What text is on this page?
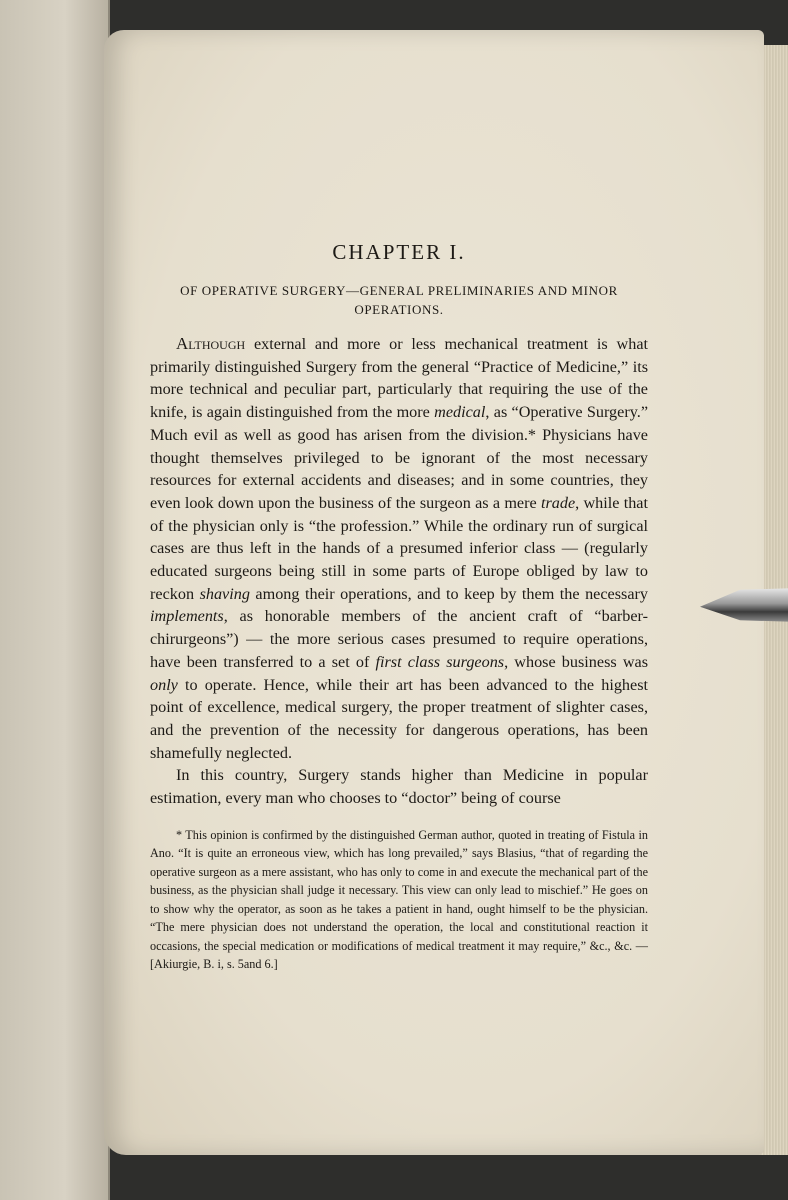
CHAPTER I.
OF OPERATIVE SURGERY—GENERAL PRELIMINARIES AND MINOR OPERATIONS.

Although external and more or less mechanical treatment is what primarily distinguished Surgery from the general “Practice of Medicine,” its more technical and peculiar part, particularly that requiring the use of the knife, is again distinguished from the more medical, as “Operative Surgery.” Much evil as well as good has arisen from the division.* Physicians have thought themselves privileged to be ignorant of the most necessary resources for external accidents and diseases; and in some countries, they even look down upon the business of the surgeon as a mere trade, while that of the physician only is “the profession.” While the ordinary run of surgical cases are thus left in the hands of a presumed inferior class — (regularly educated surgeons being still in some parts of Europe obliged by law to reckon shaving among their operations, and to keep by them the necessary implements, as honorable members of the ancient craft of “barber-chirurgeons”) — the more serious cases presumed to require operations, have been transferred to a set of first class surgeons, whose business was only to operate. Hence, while their art has been advanced to the highest point of excellence, medical surgery, the proper treatment of slighter cases, and the prevention of the necessity for dangerous operations, has been shamefully neglected.

In this country, Surgery stands higher than Medicine in popular estimation, every man who chooses to “doctor” being of course

* This opinion is confirmed by the distinguished German author, quoted in treating of Fistula in Ano. “It is quite an erroneous view, which has long prevailed,” says Blasius, “that of regarding the operative surgeon as a mere assistant, who has only to come in and execute the mechanical part of the business, as the physician shall judge it necessary. This view can only lead to mischief.” He goes on to show why the operator, as soon as he takes a patient in hand, ought himself to be the physician. “The mere physician does not understand the operation, the local and constitutional reaction it occasions, the special medication or modifications of medical treatment it may require,” &c., &c. — [Akiurgie, B. i, s. 5and 6.]
